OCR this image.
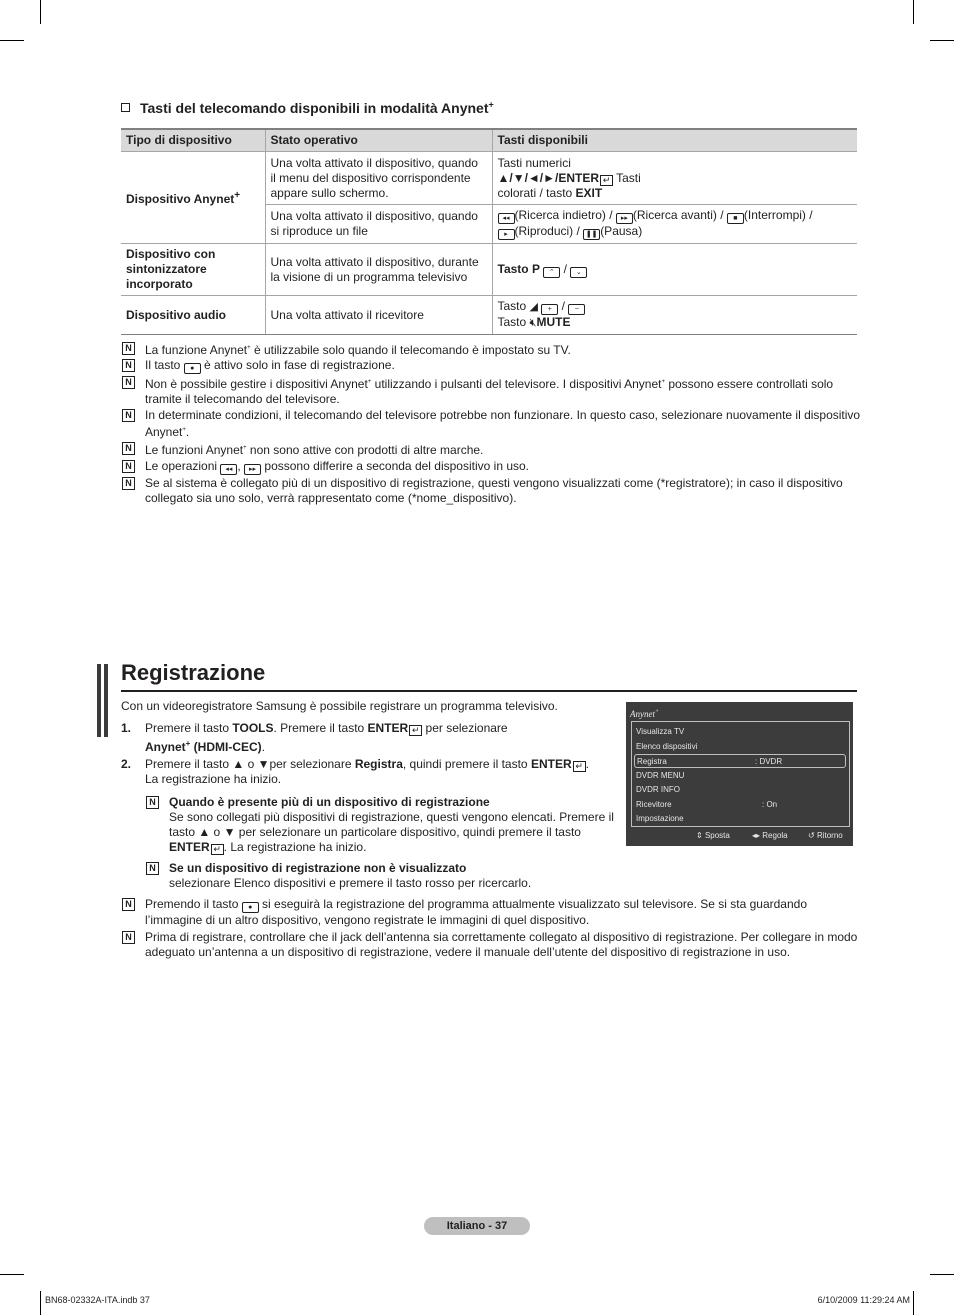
Tasti del telecomando disponibili in modalità Anynet+
Tipo di dispositivo	Stato operativo	Tasti disponibili
Dispositivo Anynet+	Una volta attivato il dispositivo, quando il menu del dispositivo corrispondente appare sullo schermo.	Tasti numerici
▲/▼/◄/►/ENTER ↵ Tasti
colorati / tasto EXIT
	Una volta attivato il dispositivo, quando si riproduce un file	◂◂ (Ricerca indietro) / ▸▸ (Ricerca avanti) / ■ (Interrompi) /
▸ (Riproduci) / ❚❚ (Pausa)
Dispositivo con sintonizzatore incorporato	Una volta attivato il dispositivo, durante la visione di un programma televisivo	Tasto P ⌃ / ⌄
Dispositivo audio	Una volta attivato il ricevitore	Tasto ◢ + / −
Tasto 🔇︎MUTE

N La funzione Anynet+ è utilizzabile solo quando il telecomando è impostato su TV.

N Il tasto ● è attivo solo in fase di registrazione.

N Non è possibile gestire i dispositivi Anynet+ utilizzando i pulsanti del televisore. I dispositivi Anynet+ possono essere controllati solo tramite il telecomando del televisore.

N In determinate condizioni, il telecomando del televisore potrebbe non funzionare. In questo caso, selezionare nuovamente il dispositivo Anynet+.

N Le funzioni Anynet+ non sono attive con prodotti di altre marche.

N Le operazioni ◂◂ , ▸▸ possono differire a seconda del dispositivo in uso.

N Se al sistema è collegato più di un dispositivo di registrazione, questi vengono visualizzati come (*registratore); in caso il dispositivo collegato sia uno solo, verrà rappresentato come (*nome_dispositivo).

Registrazione
Con un videoregistratore Samsung è possibile registrare un programma televisivo.
1.	Premere il tasto TOOLS. Premere il tasto ENTER ↵ per selezionare
Anynet+ (HDMI-CEC).
2.	Premere il tasto ▲ o ▼per selezionare Registra, quindi premere il tasto ENTER ↵ .
La registrazione ha inizio.

N Quando è presente più di un dispositivo di registrazione
Se sono collegati più dispositivi di registrazione, questi vengono elencati. Premere il tasto ▲ o ▼ per selezionare un particolare dispositivo, quindi premere il tasto ENTER ↵ . La registrazione ha inizio.

N Se un dispositivo di registrazione non è visualizzato
selezionare Elenco dispositivi e premere il tasto rosso per ricercarlo.

N Premendo il tasto ● si eseguirà la registrazione del programma attualmente visualizzato sul televisore. Se si sta guardando l’immagine di un altro dispositivo, vengono registrate le immagini di quel dispositivo.

N Prima di registrare, controllare che il jack dell’antenna sia correttamente collegato al dispositivo di registrazione. Per collegare in modo adeguato un’antenna a un dispositivo di registrazione, vedere il manuale dell’utente del dispositivo di registrazione in uso.

Anynet+
Visualizza TV
Elenco dispositivi
Registra	: DVDR
DVDR MENU
DVDR INFO
Ricevitore	: On
Impostazione
⇕ Sposta	◂▸ Regola	↺ Ritorno
Italiano - 37
BN68-02332A-ITA.indb 37	6/10/2009 11:29:24 AM
